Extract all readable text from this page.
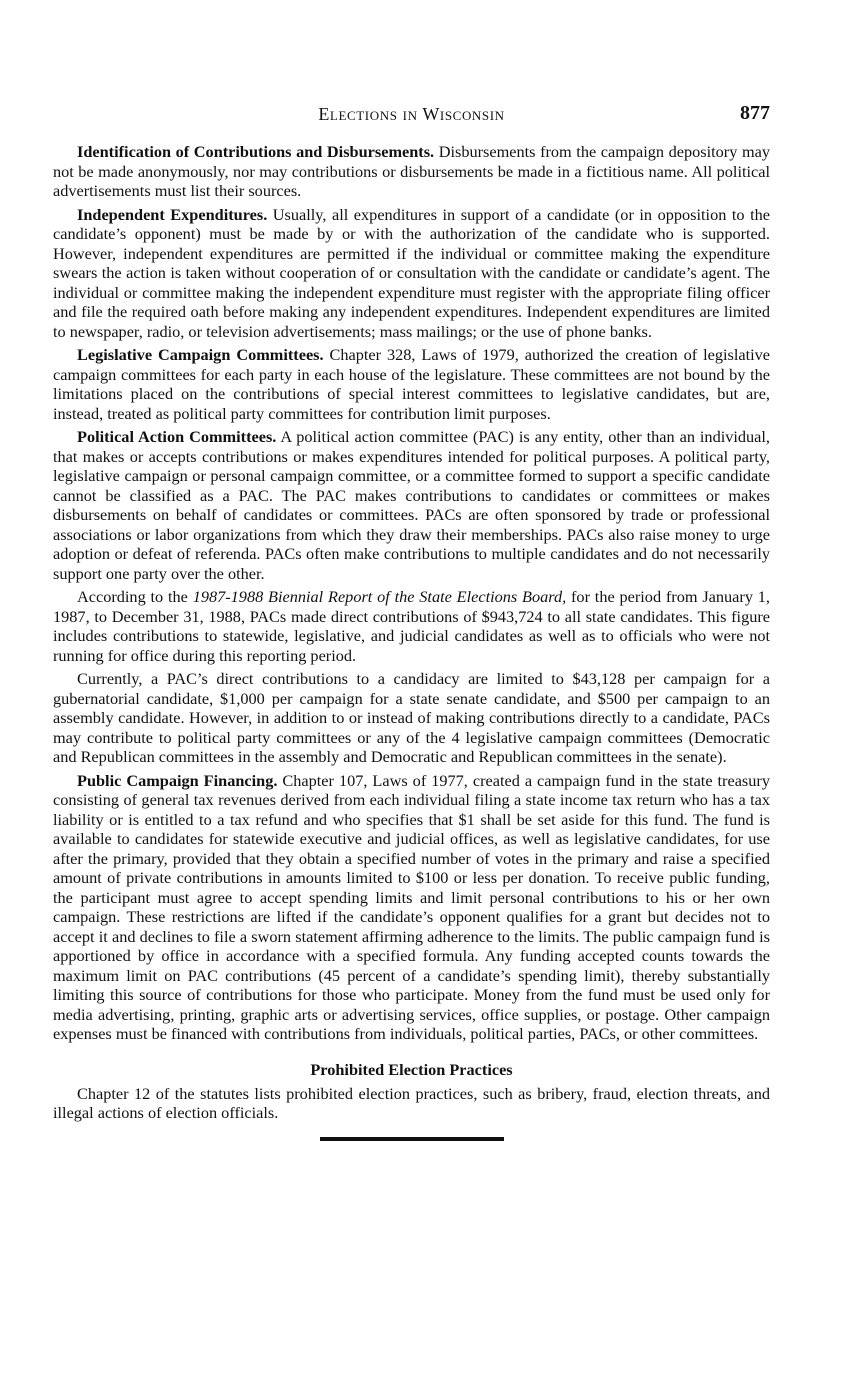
Elections in Wisconsin	877

Identification of Contributions and Disbursements. Disbursements from the campaign depository may not be made anonymously, nor may contributions or disbursements be made in a fictitious name. All political advertisements must list their sources.

Independent Expenditures. Usually, all expenditures in support of a candidate (or in opposition to the candidate’s opponent) must be made by or with the authorization of the candidate who is supported. However, independent expenditures are permitted if the individual or committee making the expenditure swears the action is taken without cooperation of or consultation with the candidate or candidate’s agent. The individual or committee making the independent expenditure must register with the appropriate filing officer and file the required oath before making any independent expenditures. Independent expenditures are limited to newspaper, radio, or television advertisements; mass mailings; or the use of phone banks.

Legislative Campaign Committees. Chapter 328, Laws of 1979, authorized the creation of legislative campaign committees for each party in each house of the legislature. These committees are not bound by the limitations placed on the contributions of special interest committees to legislative candidates, but are, instead, treated as political party committees for contribution limit purposes.

Political Action Committees. A political action committee (PAC) is any entity, other than an individual, that makes or accepts contributions or makes expenditures intended for political purposes. A political party, legislative campaign or personal campaign committee, or a committee formed to support a specific candidate cannot be classified as a PAC. The PAC makes contributions to candidates or committees or makes disbursements on behalf of candidates or committees. PACs are often sponsored by trade or professional associations or labor organizations from which they draw their memberships. PACs also raise money to urge adoption or defeat of referenda. PACs often make contributions to multiple candidates and do not necessarily support one party over the other.

According to the 1987-1988 Biennial Report of the State Elections Board, for the period from January 1, 1987, to December 31, 1988, PACs made direct contributions of $943,724 to all state candidates. This figure includes contributions to statewide, legislative, and judicial candidates as well as to officials who were not running for office during this reporting period.

Currently, a PAC’s direct contributions to a candidacy are limited to $43,128 per campaign for a gubernatorial candidate, $1,000 per campaign for a state senate candidate, and $500 per campaign to an assembly candidate. However, in addition to or instead of making contributions directly to a candidate, PACs may contribute to political party committees or any of the 4 legislative campaign committees (Democratic and Republican committees in the assembly and Democratic and Republican committees in the senate).

Public Campaign Financing. Chapter 107, Laws of 1977, created a campaign fund in the state treasury consisting of general tax revenues derived from each individual filing a state income tax return who has a tax liability or is entitled to a tax refund and who specifies that $1 shall be set aside for this fund. The fund is available to candidates for statewide executive and judicial offices, as well as legislative candidates, for use after the primary, provided that they obtain a specified number of votes in the primary and raise a specified amount of private contributions in amounts limited to $100 or less per donation. To receive public funding, the participant must agree to accept spending limits and limit personal contributions to his or her own campaign. These restrictions are lifted if the candidate’s opponent qualifies for a grant but decides not to accept it and declines to file a sworn statement affirming adherence to the limits. The public campaign fund is apportioned by office in accordance with a specified formula. Any funding accepted counts towards the maximum limit on PAC contributions (45 percent of a candidate’s spending limit), thereby substantially limiting this source of contributions for those who participate. Money from the fund must be used only for media advertising, printing, graphic arts or advertising services, office supplies, or postage. Other campaign expenses must be financed with contributions from individuals, political parties, PACs, or other committees.

Prohibited Election Practices

Chapter 12 of the statutes lists prohibited election practices, such as bribery, fraud, election threats, and illegal actions of election officials.
